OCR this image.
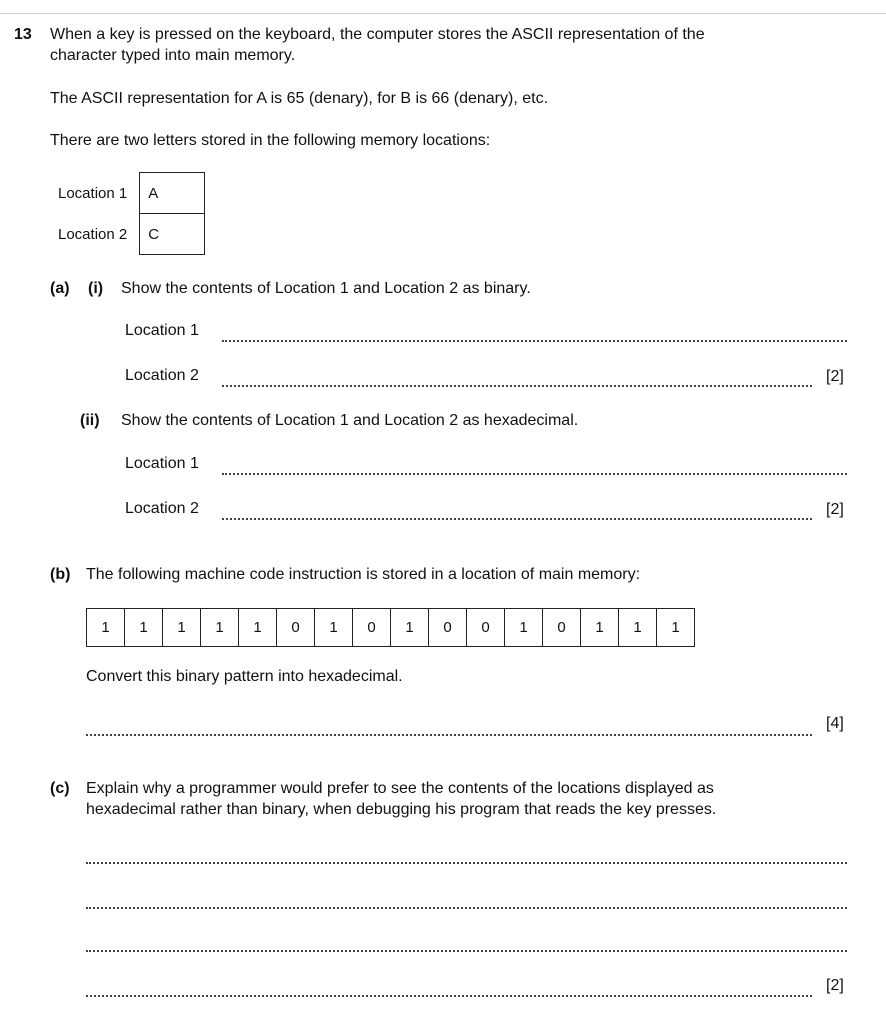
13 When a key is pressed on the keyboard, the computer stores the ASCII representation of the
character typed into main memory.
The ASCII representation for A is 65 (denary), for B is 66 (denary), etc.
There are two letters stored in the following memory locations:
Location 1	A
Location 2	C
(a) (i) Show the contents of Location 1 and Location 2 as binary.
Location 1
Location 2	[2]
(ii) Show the contents of Location 1 and Location 2 as hexadecimal.
Location 1
Location 2	[2]
(b) The following machine code instruction is stored in a location of main memory:
1	1	1	1	1	0	1	0	1	0	0	1	0	1	1	1
Convert this binary pattern into hexadecimal.
[4]
(c) Explain why a programmer would prefer to see the contents of the locations displayed as
hexadecimal rather than binary, when debugging his program that reads the key presses.
[2]
